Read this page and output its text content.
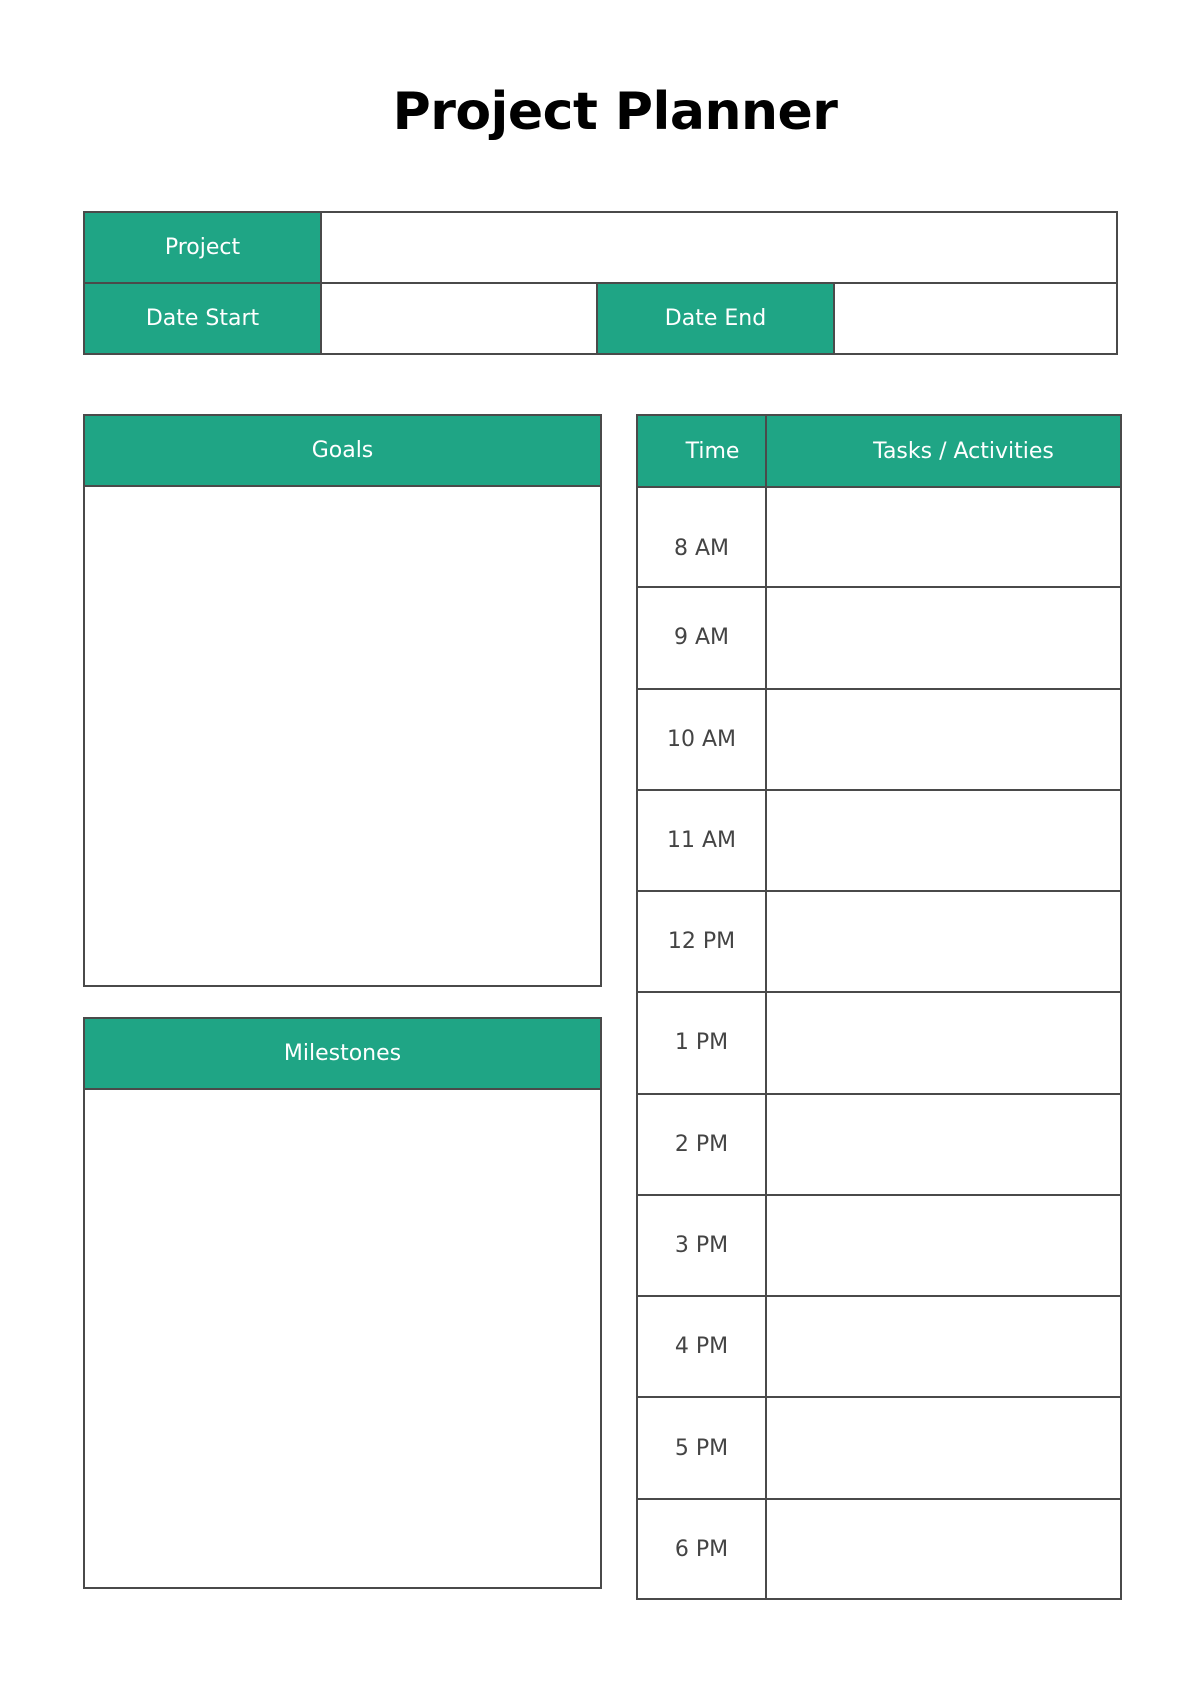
Project Planner
Project
Date Start	Date End
Goals
Milestones
Time	Tasks / Activities
8 AM
9 AM
10 AM
11 AM
12 PM
1 PM
2 PM
3 PM
4 PM
5 PM
6 PM
